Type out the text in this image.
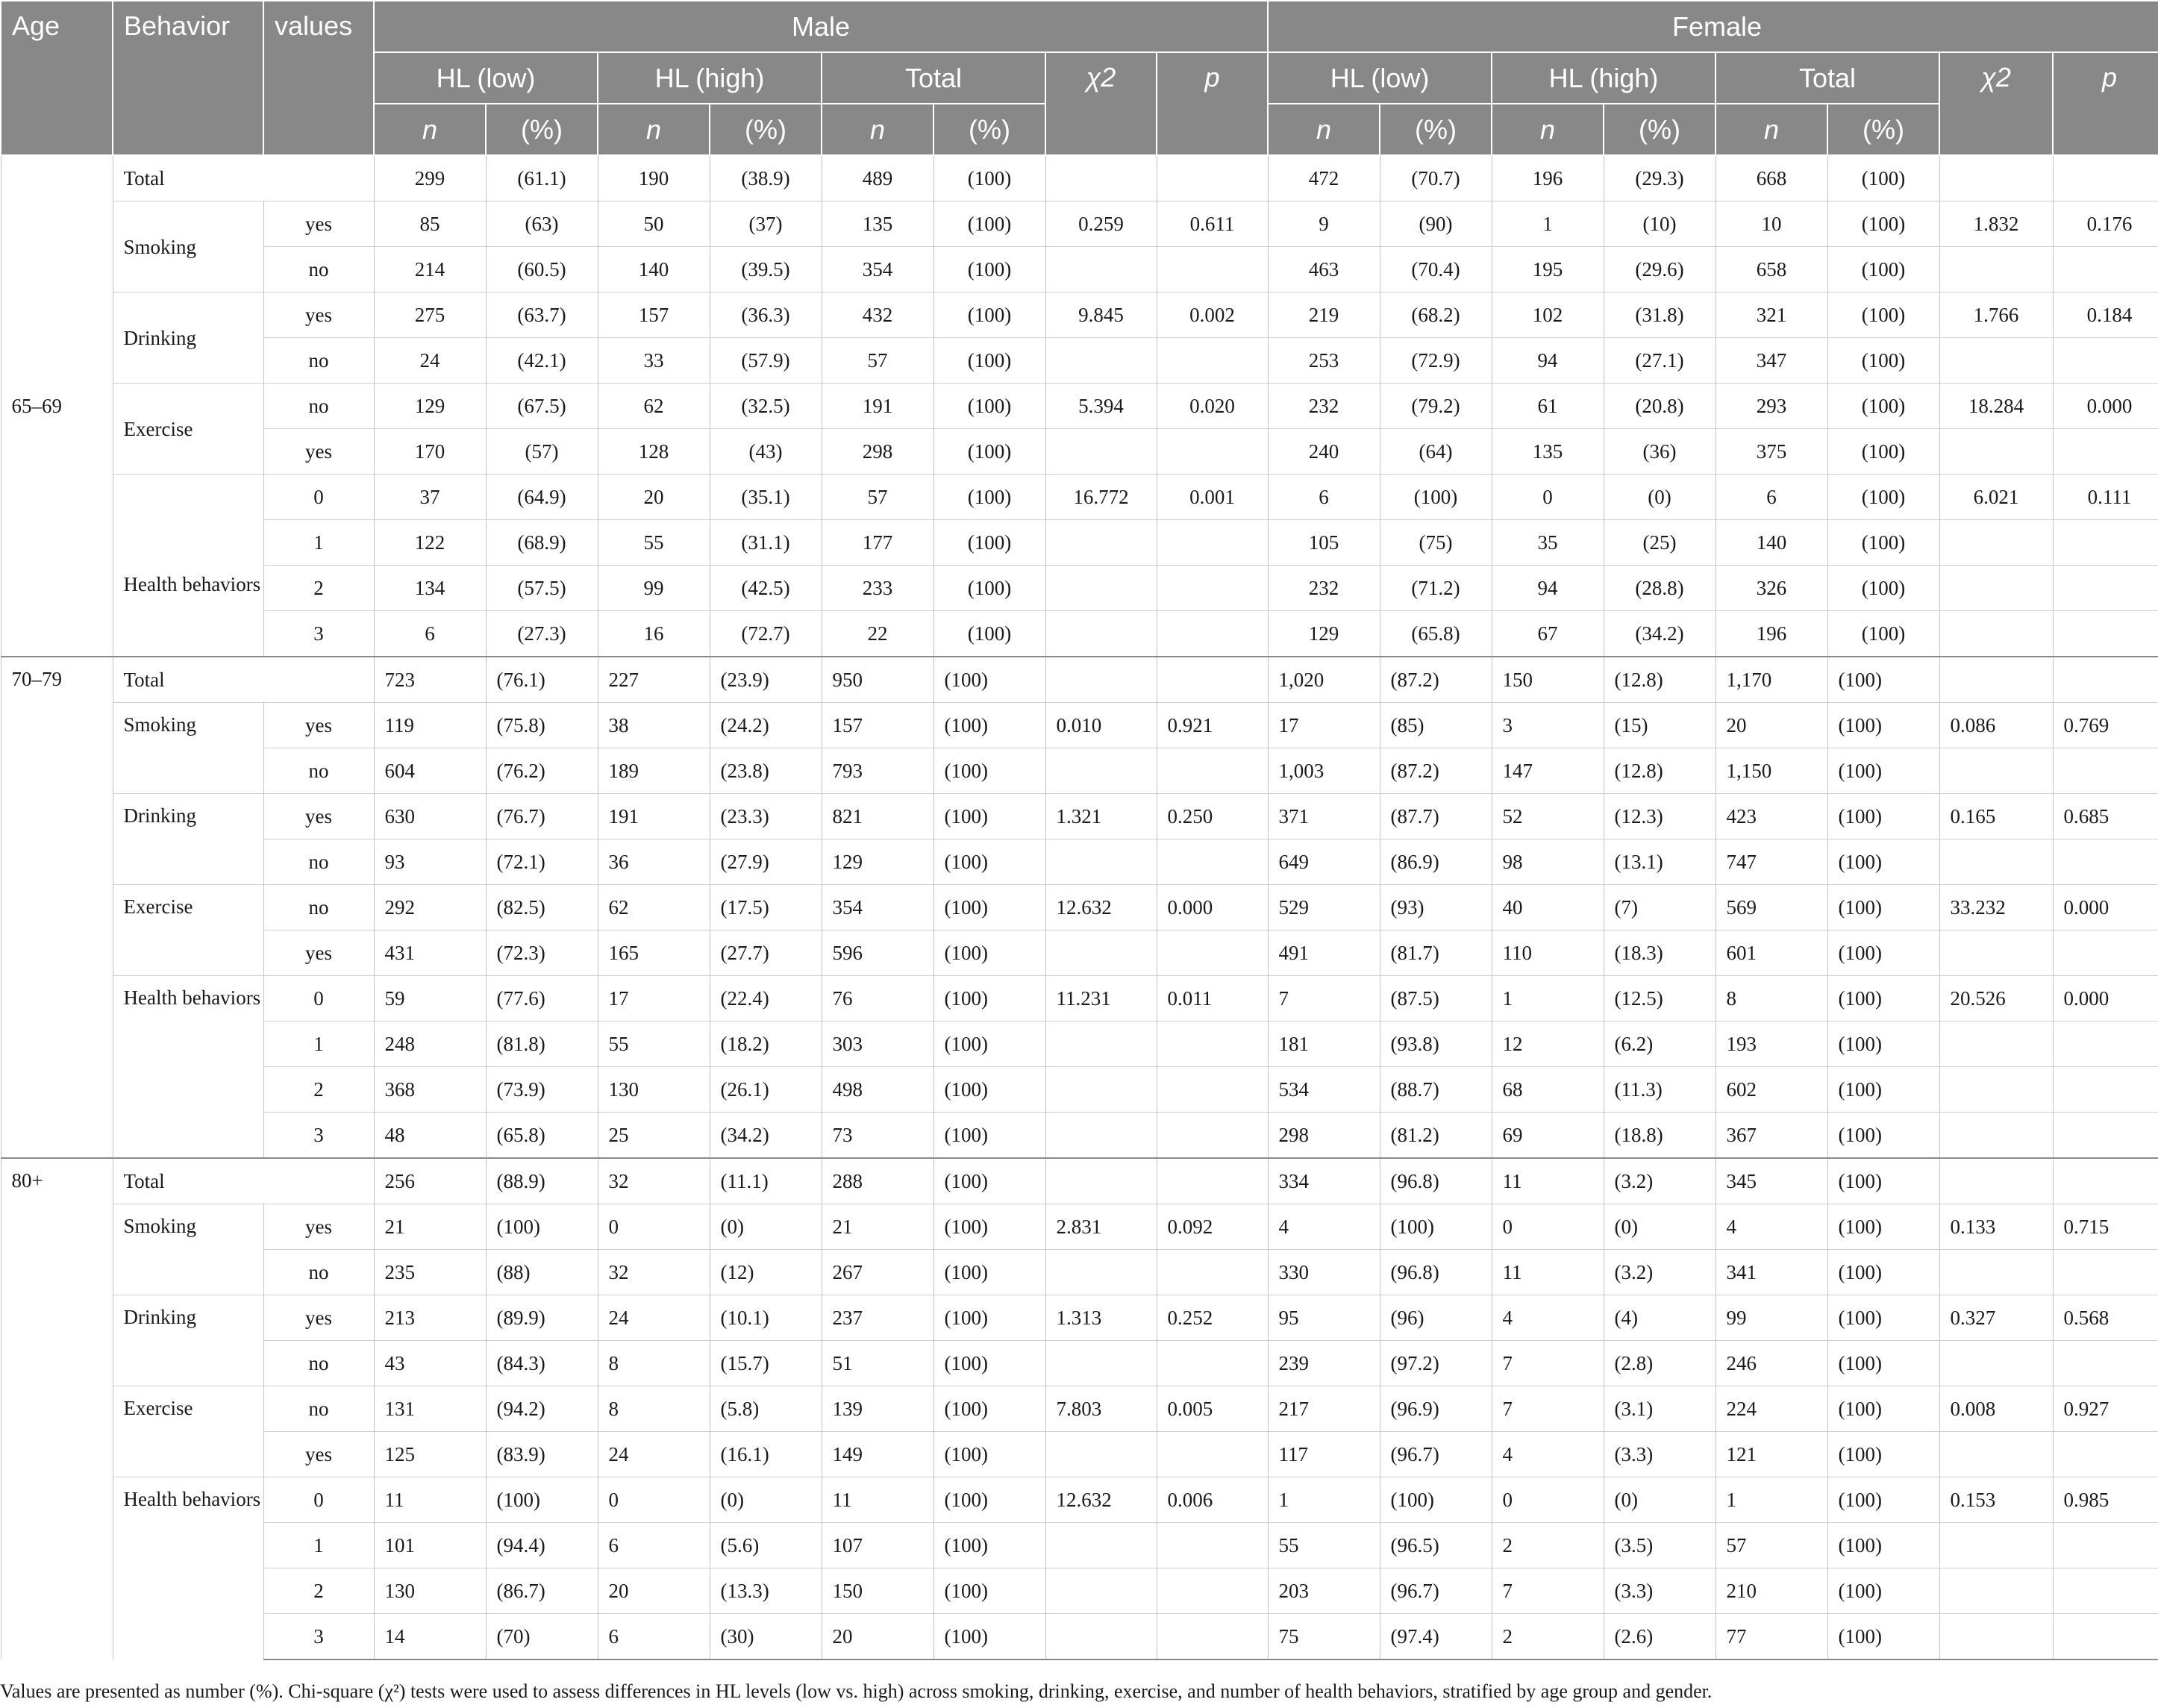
Age	Behavior	values	Male								Female							
			HL (low)		HL (high)		Total		χ2	p	HL (low)		HL (high)		Total		χ2	p
			n	(%)	n	(%)	n	(%)			n	(%)	n	(%)	n	(%)		
65–69	Total		299	(61.1)	190	(38.9)	489	(100)			472	(70.7)	196	(29.3)	668	(100)		
	Smoking	yes	85	(63)	50	(37)	135	(100)	0.259	0.611	9	(90)	1	(10)	10	(100)	1.832	0.176
		no	214	(60.5)	140	(39.5)	354	(100)			463	(70.4)	195	(29.6)	658	(100)		
	Drinking	yes	275	(63.7)	157	(36.3)	432	(100)	9.845	0.002	219	(68.2)	102	(31.8)	321	(100)	1.766	0.184
		no	24	(42.1)	33	(57.9)	57	(100)			253	(72.9)	94	(27.1)	347	(100)		
	Exercise	no	129	(67.5)	62	(32.5)	191	(100)	5.394	0.020	232	(79.2)	61	(20.8)	293	(100)	18.284	0.000
		yes	170	(57)	128	(43)	298	(100)			240	(64)	135	(36)	375	(100)		
	Health behaviors	0	37	(64.9)	20	(35.1)	57	(100)	16.772	0.001	6	(100)	0	(0)	6	(100)	6.021	0.111
		1	122	(68.9)	55	(31.1)	177	(100)			105	(75)	35	(25)	140	(100)		
		2	134	(57.5)	99	(42.5)	233	(100)			232	(71.2)	94	(28.8)	326	(100)		
		3	6	(27.3)	16	(72.7)	22	(100)			129	(65.8)	67	(34.2)	196	(100)		
70–79	Total		723	(76.1)	227	(23.9)	950	(100)			1,020	(87.2)	150	(12.8)	1,170	(100)		
	Smoking	yes	119	(75.8)	38	(24.2)	157	(100)	0.010	0.921	17	(85)	3	(15)	20	(100)	0.086	0.769
		no	604	(76.2)	189	(23.8)	793	(100)			1,003	(87.2)	147	(12.8)	1,150	(100)		
	Drinking	yes	630	(76.7)	191	(23.3)	821	(100)	1.321	0.250	371	(87.7)	52	(12.3)	423	(100)	0.165	0.685
		no	93	(72.1)	36	(27.9)	129	(100)			649	(86.9)	98	(13.1)	747	(100)		
	Exercise	no	292	(82.5)	62	(17.5)	354	(100)	12.632	0.000	529	(93)	40	(7)	569	(100)	33.232	0.000
		yes	431	(72.3)	165	(27.7)	596	(100)			491	(81.7)	110	(18.3)	601	(100)		
	Health behaviors	0	59	(77.6)	17	(22.4)	76	(100)	11.231	0.011	7	(87.5)	1	(12.5)	8	(100)	20.526	0.000
		1	248	(81.8)	55	(18.2)	303	(100)			181	(93.8)	12	(6.2)	193	(100)		
		2	368	(73.9)	130	(26.1)	498	(100)			534	(88.7)	68	(11.3)	602	(100)		
		3	48	(65.8)	25	(34.2)	73	(100)			298	(81.2)	69	(18.8)	367	(100)		
80+	Total		256	(88.9)	32	(11.1)	288	(100)			334	(96.8)	11	(3.2)	345	(100)		
	Smoking	yes	21	(100)	0	(0)	21	(100)	2.831	0.092	4	(100)	0	(0)	4	(100)	0.133	0.715
		no	235	(88)	32	(12)	267	(100)			330	(96.8)	11	(3.2)	341	(100)		
	Drinking	yes	213	(89.9)	24	(10.1)	237	(100)	1.313	0.252	95	(96)	4	(4)	99	(100)	0.327	0.568
		no	43	(84.3)	8	(15.7)	51	(100)			239	(97.2)	7	(2.8)	246	(100)		
	Exercise	no	131	(94.2)	8	(5.8)	139	(100)	7.803	0.005	217	(96.9)	7	(3.1)	224	(100)	0.008	0.927
		yes	125	(83.9)	24	(16.1)	149	(100)			117	(96.7)	4	(3.3)	121	(100)		
	Health behaviors	0	11	(100)	0	(0)	11	(100)	12.632	0.006	1	(100)	0	(0)	1	(100)	0.153	0.985
		1	101	(94.4)	6	(5.6)	107	(100)			55	(96.5)	2	(3.5)	57	(100)		
		2	130	(86.7)	20	(13.3)	150	(100)			203	(96.7)	7	(3.3)	210	(100)		
		3	14	(70)	6	(30)	20	(100)			75	(97.4)	2	(2.6)	77	(100)		
Values are presented as number (%). Chi-square (χ²) tests were used to assess differences in HL levels (low vs. high) across smoking, drinking, exercise, and number of health behaviors, stratified by age group and gender.
